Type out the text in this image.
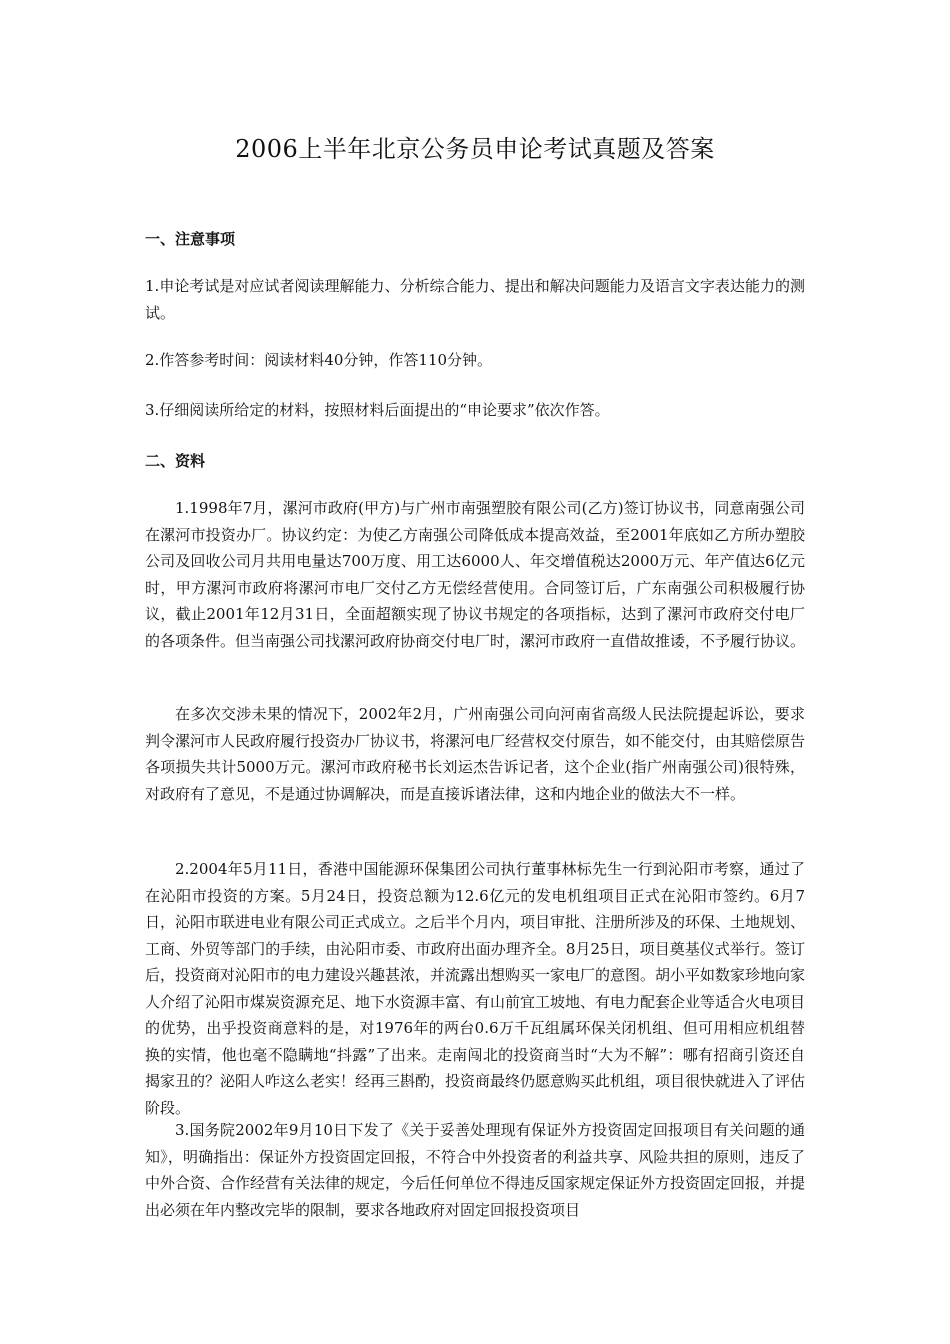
2006上半年北京公务员申论考试真题及答案
一、注意事项

1.申论考试是对应试者阅读理解能力、分析综合能力、提出和解决问题能力及语言文字表达能力的测试。

2.作答参考时间：阅读材料40分钟，作答110分钟。

3.仔细阅读所给定的材料，按照材料后面提出的“申论要求”依次作答。

二、资料

1.1998年7月，漯河市政府(甲方)与广州市南强塑胶有限公司(乙方)签订协议书，同意南强公司在漯河市投资办厂。协议约定：为使乙方南强公司降低成本提高效益，至2001年底如乙方所办塑胶公司及回收公司月共用电量达700万度、用工达6000人、年交增值税达2000万元、年产值达6亿元时，甲方漯河市政府将漯河市电厂交付乙方无偿经营使用。合同签订后，广东南强公司积极履行协议，截止2001年12月31日，全面超额实现了协议书规定的各项指标，达到了漯河市政府交付电厂的各项条件。但当南强公司找漯河政府协商交付电厂时，漯河市政府一直借故推诿，不予履行协议。

在多次交涉未果的情况下，2002年2月，广州南强公司向河南省高级人民法院提起诉讼，要求判令漯河市人民政府履行投资办厂协议书，将漯河电厂经营权交付原告，如不能交付，由其赔偿原告各项损失共计5000万元。漯河市政府秘书长刘运杰告诉记者，这个企业(指广州南强公司)很特殊，对政府有了意见，不是通过协调解决，而是直接诉诸法律，这和内地企业的做法大不一样。

2.2004年5月11日，香港中国能源环保集团公司执行董事林标先生一行到沁阳市考察，通过了在沁阳市投资的方案。5月24日，投资总额为12.6亿元的发电机组项目正式在沁阳市签约。6月7日，沁阳市联进电业有限公司正式成立。之后半个月内，项目审批、注册所涉及的环保、土地规划、工商、外贸等部门的手续，由沁阳市委、市政府出面办理齐全。8月25日，项目奠基仪式举行。签订后，投资商对沁阳市的电力建设兴趣甚浓，并流露出想购买一家电厂的意图。胡小平如数家珍地向家人介绍了沁阳市煤炭资源充足、地下水资源丰富、有山前宜工坡地、有电力配套企业等适合火电项目的优势，出乎投资商意料的是，对1976年的两台0.6万千瓦组属环保关闭机组、但可用相应机组替换的实情，他也毫不隐瞒地“抖露”了出来。走南闯北的投资商当时“大为不解”：哪有招商引资还自揭家丑的？泌阳人咋这么老实！经再三斟酌，投资商最终仍愿意购买此机组，项目很快就进入了评估阶段。

3.国务院2002年9月10日下发了《关于妥善处理现有保证外方投资固定回报项目有关问题的通知》，明确指出：保证外方投资固定回报，不符合中外投资者的利益共享、风险共担的原则，违反了中外合资、合作经营有关法律的规定，今后任何单位不得违反国家规定保证外方投资固定回报，并提出必须在年内整改完毕的限制，要求各地政府对固定回报投资项目
